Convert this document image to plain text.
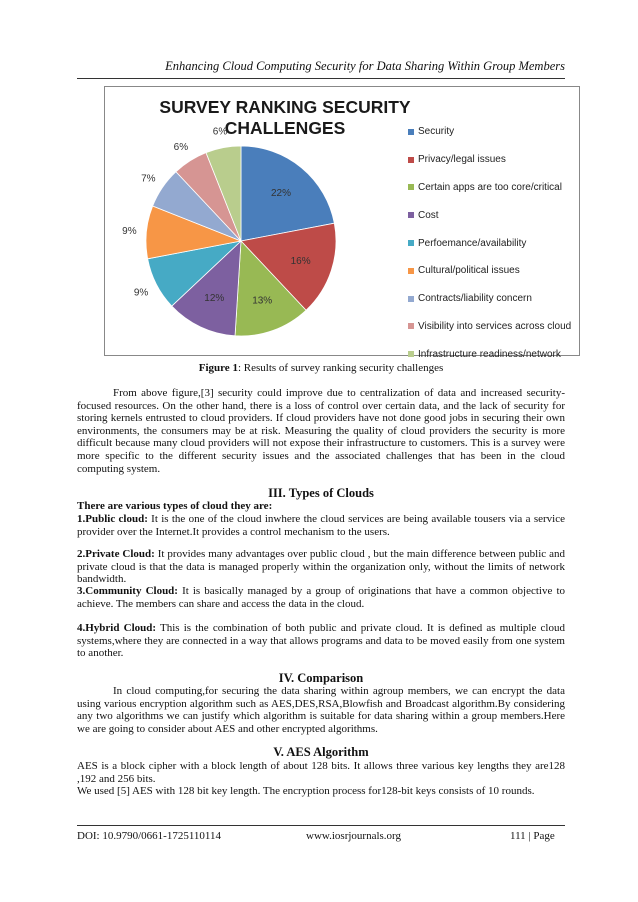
Enhancing Cloud Computing Security for Data Sharing Within Group Members
SURVEY RANKING SECURITY CHALLENGES
22%
16%
13%
12%
9%
9%
7%
6%
6%	Security
Privacy/legal issues
Certain apps are too core/critical
Cost
Perfoemance/availability
Cultural/political issues
Contracts/liability concern
Visibility into services across cloud
Infrastructure readiness/network
Figure 1: Results of survey ranking security challenges
From above figure,[3] security could improve due to centralization of data and increased security-focused resources. On the other hand, there is a loss of control over certain data, and the lack of security for storing kernels entrusted to cloud providers. If cloud providers have not done good jobs in securing their own environments, the consumers may be at risk. Measuring the quality of cloud providers the security is more difficult because many cloud providers will not expose their infrastructure to customers. This is a survey were more specific to the different security issues and the associated challenges that has been in the cloud computing system.
III. Types of Clouds
There are various types of cloud they are:
1.Public cloud: It is the one of the cloud inwhere the cloud services are being available tousers via a service provider over the Internet.It provides a control mechanism to the users.
2.Private Cloud: It provides many advantages over public cloud , but the main difference between public and private cloud is that the data is managed properly within the organization only, without the limits of network bandwidth.
3.Community Cloud: It is basically managed by a group of originations that have a common objective to achieve. The members can share and access the data in the cloud.
4.Hybrid Cloud: This is the combination of both public and private cloud. It is defined as multiple cloud systems,where they are connected in a way that allows programs and data to be moved easily from one system to another.
IV. Comparison
In cloud computing,for securing the data sharing within agroup members, we can encrypt the data using various encryption algorithm such as AES,DES,RSA,Blowfish and Broadcast algorithm.By considering any two algorithms we can justify which algorithm is suitable for data sharing within a group members.Here we are going to consider about AES and other encrypted algorithms.
V. AES Algorithm
AES is a block cipher with a block length of about 128 bits. It allows three various key lengths they are128 ,192 and 256 bits.
We used [5] AES with 128 bit key length. The encryption process for128-bit keys consists of 10 rounds.
DOI: 10.9790/0661-1725110114	www.iosrjournals.org	111 | Page
